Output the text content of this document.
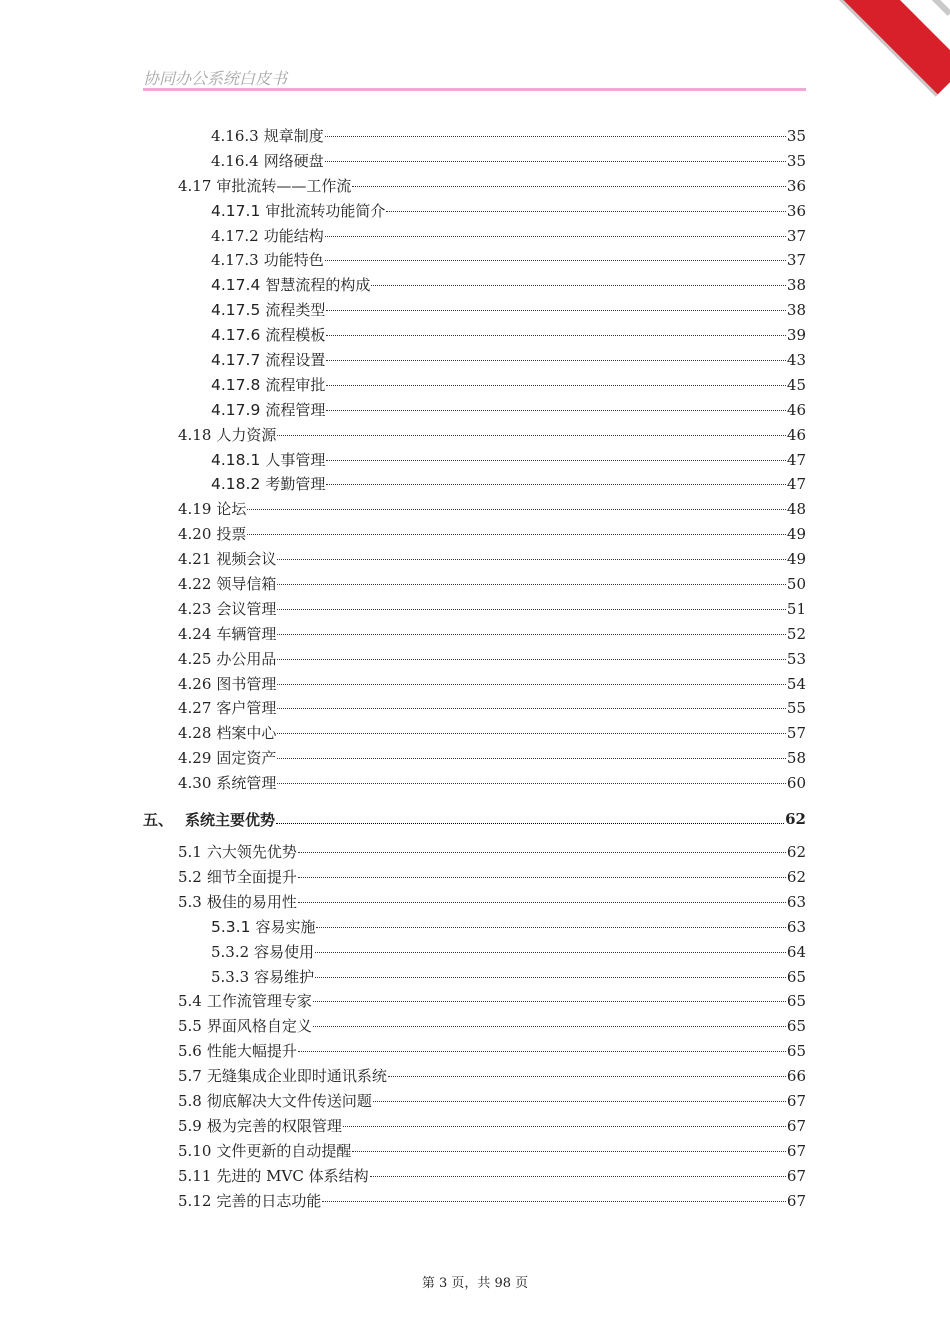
协同办公系统白皮书
4.16.3 规章制度	35
4.16.4 网络硬盘	35
4.17 审批流转——工作流	36
4.17.1 审批流转功能简介	36
4.17.2 功能结构	37
4.17.3 功能特色	37
4.17.4 智慧流程的构成	38
4.17.5 流程类型	38
4.17.6 流程模板	39
4.17.7 流程设置	43
4.17.8 流程审批	45
4.17.9 流程管理	46
4.18 人力资源	46
4.18.1 人事管理	47
4.18.2 考勤管理	47
4.19 论坛	48
4.20 投票	49
4.21 视频会议	49
4.22 领导信箱	50
4.23 会议管理	51
4.24 车辆管理	52
4.25 办公用品	53
4.26 图书管理	54
4.27 客户管理	55
4.28 档案中心	57
4.29 固定资产	58
4.30 系统管理	60
五、 系统主要优势	62
5.1 六大领先优势	62
5.2 细节全面提升	62
5.3 极佳的易用性	63
5.3.1 容易实施	63
5.3.2 容易使用	64
5.3.3 容易维护	65
5.4 工作流管理专家	65
5.5 界面风格自定义	65
5.6 性能大幅提升	65
5.7 无缝集成企业即时通讯系统	66
5.8 彻底解决大文件传送问题	67
5.9 极为完善的权限管理	67
5.10 文件更新的自动提醒	67
5.11 先进的 MVC 体系结构	67
5.12 完善的日志功能	67
第 3 页，共 98 页
